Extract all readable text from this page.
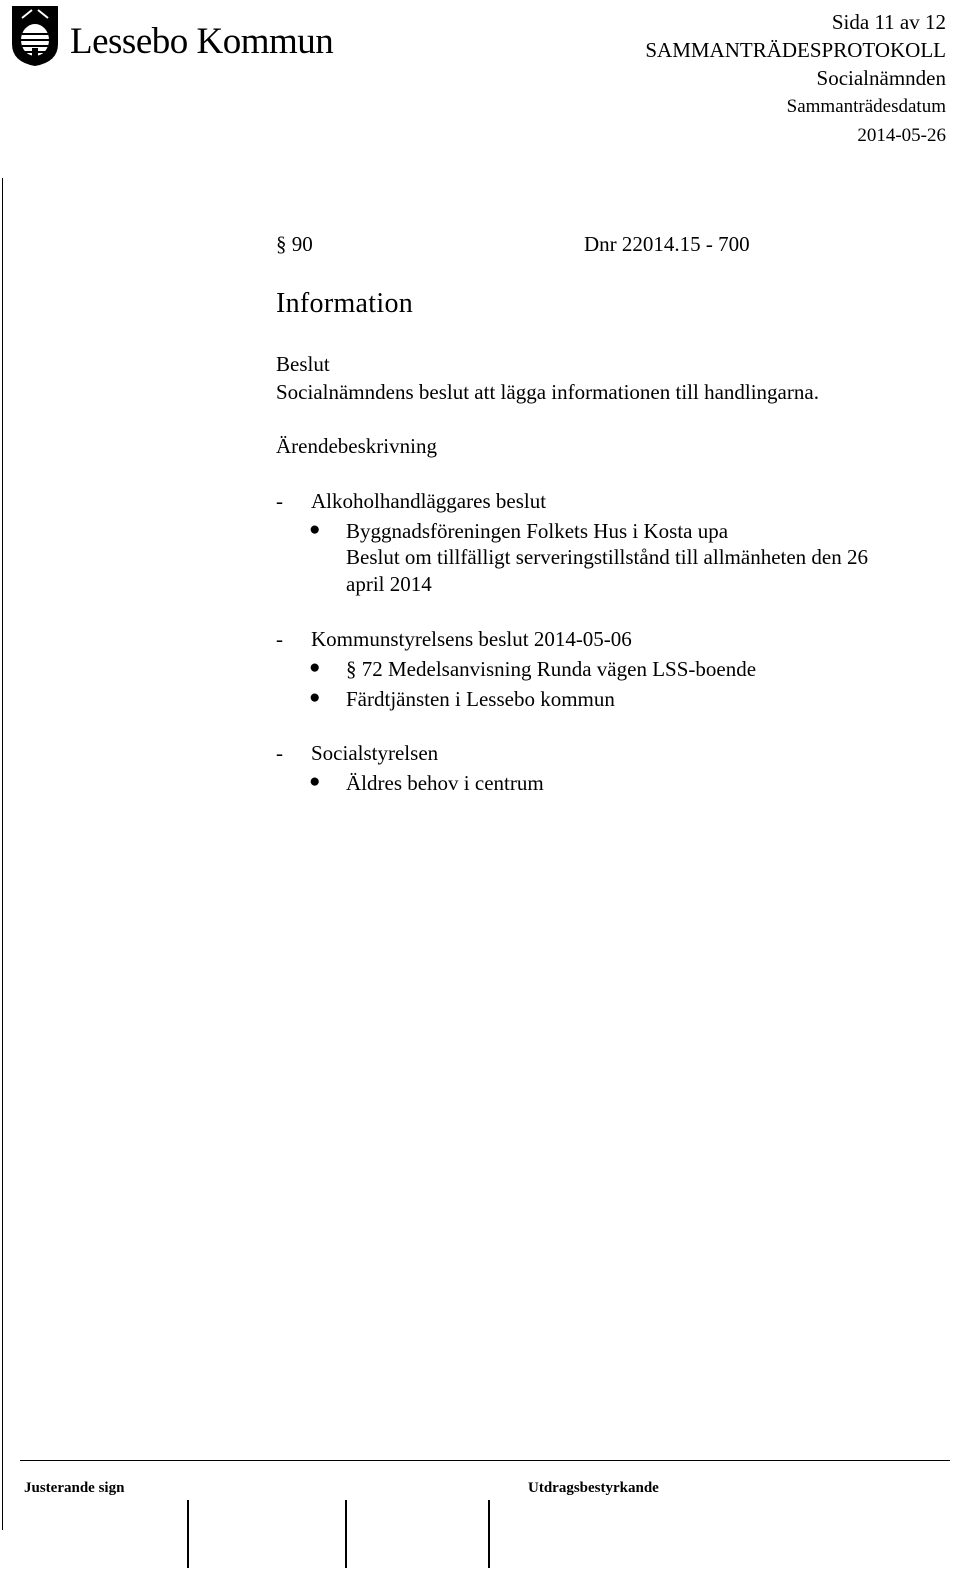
Lessebo Kommun	Sida 11 av 12
SAMMANTRÄDESPROTOKOLL
Socialnämnden
Sammanträdesdatum
2014-05-26
§ 90	Dnr 22014.15 - 700
Information
Beslut
Socialnämndens beslut att lägga informationen till handlingarna.
Ärendebeskrivning
- Alkoholhandläggares beslut
● Byggnadsföreningen Folkets Hus i Kosta upa
Beslut om tillfälligt serveringstillstånd till allmänheten den 26
april 2014
- Kommunstyrelsens beslut 2014-05-06
● § 72 Medelsanvisning Runda vägen LSS-boende
● Färdtjänsten i Lessebo kommun
- Socialstyrelsen
● Äldres behov i centrum
Justerande sign	Utdragsbestyrkande
